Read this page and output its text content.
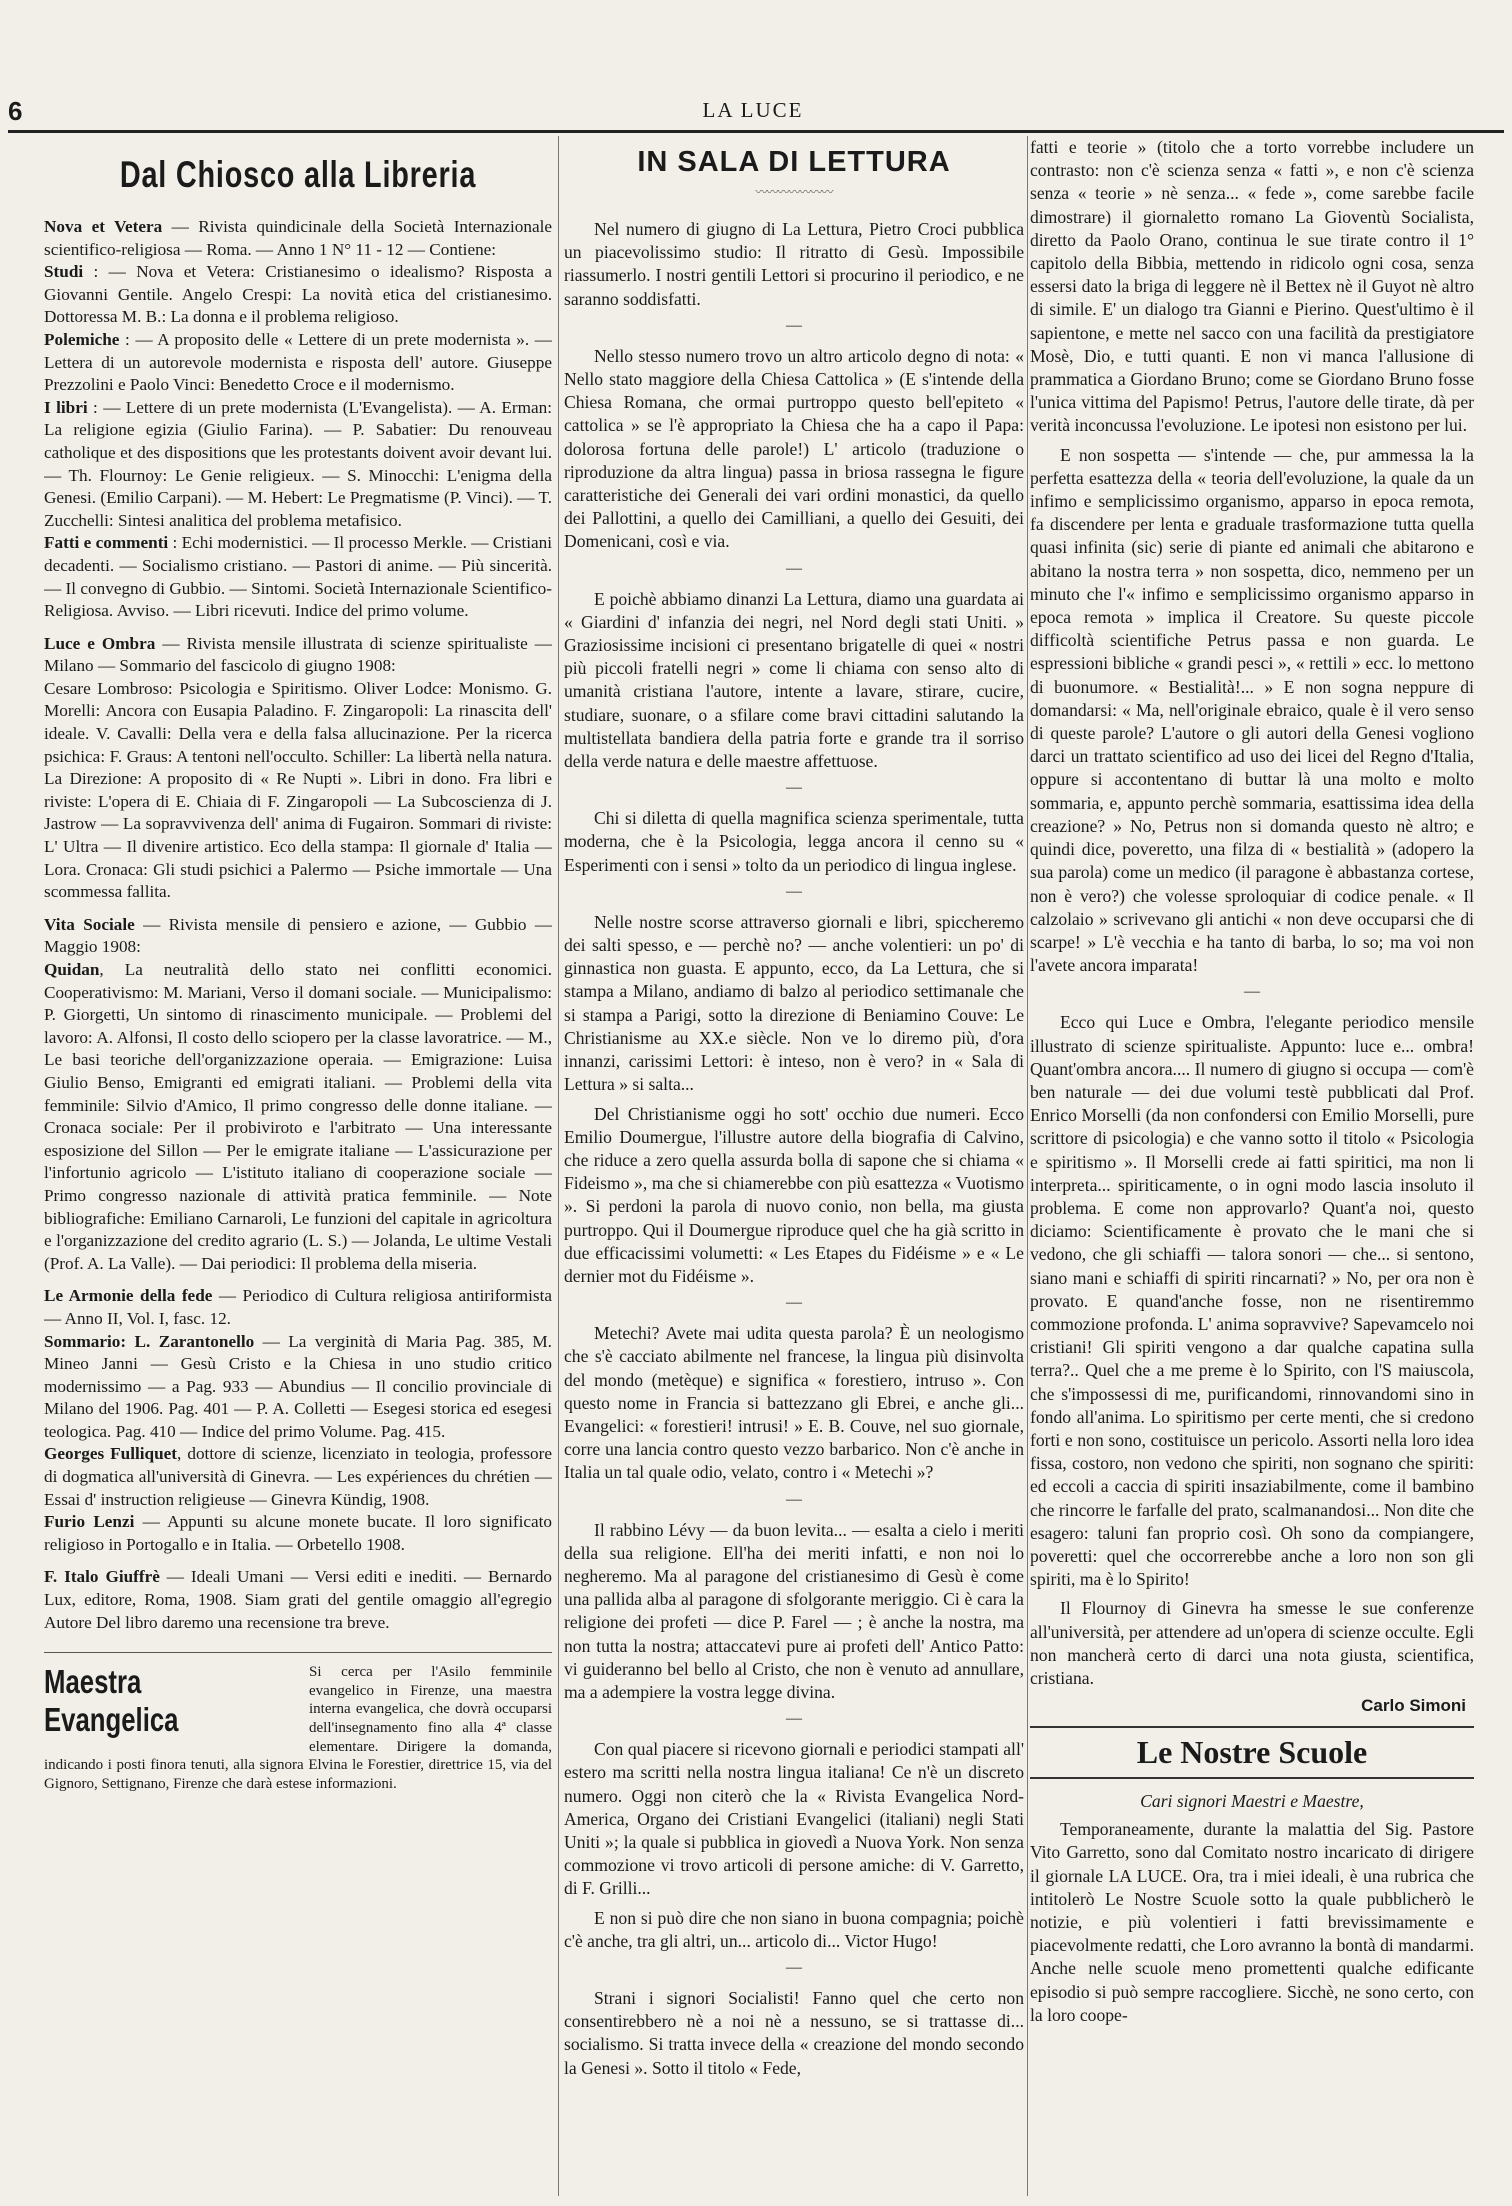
6	LA LUCE
Dal Chiosco alla Libreria

Nova et Vetera — Rivista quindicinale della Società Internazionale scientifico-religiosa — Roma. — Anno 1 N° 11 - 12 — Contiene:

Studi : — Nova et Vetera: Cristianesimo o idealismo? Risposta a Giovanni Gentile. Angelo Crespi: La novità etica del cristianesimo. Dottoressa M. B.: La donna e il problema religioso.

Polemiche : — A proposito delle « Lettere di un prete modernista ». — Lettera di un autorevole modernista e risposta dell' autore. Giuseppe Prezzolini e Paolo Vinci: Benedetto Croce e il modernismo.

I libri : — Lettere di un prete modernista (L'Evangelista). — A. Erman: La religione egizia (Giulio Farina). — P. Sabatier: Du renouveau catholique et des dispositions que les protestants doivent avoir devant lui. — Th. Flournoy: Le Genie religieux. — S. Minocchi: L'enigma della Genesi. (Emilio Carpani). — M. Hebert: Le Pregmatisme (P. Vinci). — T. Zucchelli: Sintesi analitica del problema metafisico.

Fatti e commenti : Echi modernistici. — Il processo Merkle. — Cristiani decadenti. — Socialismo cristiano. — Pastori di anime. — Più sincerità. — Il convegno di Gubbio. — Sintomi. Società Internazionale Scientifico-Religiosa. Avviso. — Libri ricevuti. Indice del primo volume.

Luce e Ombra — Rivista mensile illustrata di scienze spiritualiste — Milano — Sommario del fascicolo di giugno 1908:

Cesare Lombroso: Psicologia e Spiritismo. Oliver Lodce: Monismo. G. Morelli: Ancora con Eusapia Paladino. F. Zingaropoli: La rinascita dell' ideale. V. Cavalli: Della vera e della falsa allucinazione. Per la ricerca psichica: F. Graus: A tentoni nell'occulto. Schiller: La libertà nella natura. La Direzione: A proposito di « Re Nupti ». Libri in dono. Fra libri e riviste: L'opera di E. Chiaia di F. Zingaropoli — La Subcoscienza di J. Jastrow — La sopravvivenza dell' anima di Fugairon. Sommari di riviste: L' Ultra — Il divenire artistico. Eco della stampa: Il giornale d' Italia — Lora. Cronaca: Gli studi psichici a Palermo — Psiche immortale — Una scommessa fallita.

Vita Sociale — Rivista mensile di pensiero e azione, — Gubbio — Maggio 1908:

Quidan, La neutralità dello stato nei conflitti economici. Cooperativismo: M. Mariani, Verso il domani sociale. — Municipalismo: P. Giorgetti, Un sintomo di rinascimento municipale. — Problemi del lavoro: A. Alfonsi, Il costo dello sciopero per la classe lavoratrice. — M., Le basi teoriche dell'organizzazione operaia. — Emigrazione: Luisa Giulio Benso, Emigranti ed emigrati italiani. — Problemi della vita femminile: Silvio d'Amico, Il primo congresso delle donne italiane. — Cronaca sociale: Per il probiviroto e l'arbitrato — Una interessante esposizione del Sillon — Per le emigrate italiane — L'assicurazione per l'infortunio agricolo — L'istituto italiano di cooperazione sociale — Primo congresso nazionale di attività pratica femminile. — Note bibliografiche: Emiliano Carnaroli, Le funzioni del capitale in agricoltura e l'organizzazione del credito agrario (L. S.) — Jolanda, Le ultime Vestali (Prof. A. La Valle). — Dai periodici: Il problema della miseria.

Le Armonie della fede — Periodico di Cultura religiosa antiriformista — Anno II, Vol. I, fasc. 12.

Sommario: L. Zarantonello — La verginità di Maria Pag. 385, M. Mineo Janni — Gesù Cristo e la Chiesa in uno studio critico modernissimo — a Pag. 933 — Abundius — Il concilio provinciale di Milano del 1906. Pag. 401 — P. A. Colletti — Esegesi storica ed esegesi teologica. Pag. 410 — Indice del primo Volume. Pag. 415.

Georges Fulliquet, dottore di scienze, licenziato in teologia, professore di dogmatica all'università di Ginevra. — Les expériences du chrétien — Essai d' instruction religieuse — Ginevra Kündig, 1908.

Furio Lenzi — Appunti su alcune monete bucate. Il loro significato religioso in Portogallo e in Italia. — Orbetello 1908.

F. Italo Giuffrè — Ideali Umani — Versi editi e inediti. — Bernardo Lux, editore, Roma, 1908. Siam grati del gentile omaggio all'egregio Autore Del libro daremo una recensione tra breve.

Maestra Evangelica
Si cerca per l'Asilo femminile evangelico in Firenze, una maestra interna evangelica, che dovrà occuparsi dell'insegnamento fino alla 4ª classe elementare. Dirigere la domanda, indicando i posti finora tenuti, alla signora Elvina le Forestier, direttrice 15, via del Gignoro, Settignano, Firenze che darà estese informazioni.
IN SALA DI LETTURA
〰〰〰〰〰〰〰

Nel numero di giugno di La Lettura, Pietro Croci pubblica un piacevolissimo studio: Il ritratto di Gesù. Impossibile riassumerlo. I nostri gentili Lettori si procurino il periodico, e ne saranno soddisfatti.

—

Nello stesso numero trovo un altro articolo degno di nota: « Nello stato maggiore della Chiesa Cattolica » (E s'intende della Chiesa Romana, che ormai purtroppo questo bell'epiteto « cattolica » se l'è appropriato la Chiesa che ha a capo il Papa: dolorosa fortuna delle parole!) L' articolo (traduzione o riproduzione da altra lingua) passa in briosa rassegna le figure caratteristiche dei Generali dei vari ordini monastici, da quello dei Pallottini, a quello dei Camilliani, a quello dei Gesuiti, dei Domenicani, così e via.

—

E poichè abbiamo dinanzi La Lettura, diamo una guardata ai « Giardini d' infanzia dei negri, nel Nord degli stati Uniti. » Graziosissime incisioni ci presentano brigatelle di quei « nostri più piccoli fratelli negri » come li chiama con senso alto di umanità cristiana l'autore, intente a lavare, stirare, cucire, studiare, suonare, o a sfilare come bravi cittadini salutando la multistellata bandiera della patria forte e grande tra il sorriso della verde natura e delle maestre affettuose.

—

Chi si diletta di quella magnifica scienza sperimentale, tutta moderna, che è la Psicologia, legga ancora il cenno su « Esperimenti con i sensi » tolto da un periodico di lingua inglese.

—

Nelle nostre scorse attraverso giornali e libri, spiccheremo dei salti spesso, e — perchè no? — anche volentieri: un po' di ginnastica non guasta. E appunto, ecco, da La Lettura, che si stampa a Milano, andiamo di balzo al periodico settimanale che si stampa a Parigi, sotto la direzione di Beniamino Couve: Le Christianisme au XX.e siècle. Non ve lo diremo più, d'ora innanzi, carissimi Lettori: è inteso, non è vero? in « Sala di Lettura » si salta...

Del Christianisme oggi ho sott' occhio due numeri. Ecco Emilio Doumergue, l'illustre autore della biografia di Calvino, che riduce a zero quella assurda bolla di sapone che si chiama « Fideismo », ma che si chiamerebbe con più esattezza « Vuotismo ». Si perdoni la parola di nuovo conio, non bella, ma giusta purtroppo. Qui il Doumergue riproduce quel che ha già scritto in due efficacissimi volumetti: « Les Etapes du Fidéisme » e « Le dernier mot du Fidéisme ».

—

Metechi? Avete mai udita questa parola? È un neologismo che s'è cacciato abilmente nel francese, la lingua più disinvolta del mondo (metèque) e significa « forestiero, intruso ». Con questo nome in Francia si battezzano gli Ebrei, e anche gli... Evangelici: « forestieri! intrusi! » E. B. Couve, nel suo giornale, corre una lancia contro questo vezzo barbarico. Non c'è anche in Italia un tal quale odio, velato, contro i « Metechi »?

—

Il rabbino Lévy — da buon levita... — esalta a cielo i meriti della sua religione. Ell'ha dei meriti infatti, e non noi lo negheremo. Ma al paragone del cristianesimo di Gesù è come una pallida alba al paragone di sfolgorante meriggio. Ci è cara la religione dei profeti — dice P. Farel — ; è anche la nostra, ma non tutta la nostra; attaccatevi pure ai profeti dell' Antico Patto: vi guideranno bel bello al Cristo, che non è venuto ad annullare, ma a adempiere la vostra legge divina.

—

Con qual piacere si ricevono giornali e periodici stampati all' estero ma scritti nella nostra lingua italiana! Ce n'è un discreto numero. Oggi non citerò che la « Rivista Evangelica Nord-America, Organo dei Cristiani Evangelici (italiani) negli Stati Uniti »; la quale si pubblica in giovedì a Nuova York. Non senza commozione vi trovo articoli di persone amiche: di V. Garretto, di F. Grilli...

E non si può dire che non siano in buona compagnia; poichè c'è anche, tra gli altri, un... articolo di... Victor Hugo!

—

Strani i signori Socialisti! Fanno quel che certo non consentirebbero nè a noi nè a nessuno, se si trattasse di... socialismo. Si tratta invece della « creazione del mondo secondo la Genesi ». Sotto il titolo « Fede,

fatti e teorie » (titolo che a torto vorrebbe includere un contrasto: non c'è scienza senza « fatti », e non c'è scienza senza « teorie » nè senza... « fede », come sarebbe facile dimostrare) il giornaletto romano La Gioventù Socialista, diretto da Paolo Orano, continua le sue tirate contro il 1° capitolo della Bibbia, mettendo in ridicolo ogni cosa, senza essersi dato la briga di leggere nè il Bettex nè il Guyot nè altro di simile. E' un dialogo tra Gianni e Pierino. Quest'ultimo è il sapientone, e mette nel sacco con una facilità da prestigiatore Mosè, Dio, e tutti quanti. E non vi manca l'allusione di prammatica a Giordano Bruno; come se Giordano Bruno fosse l'unica vittima del Papismo! Petrus, l'autore delle tirate, dà per verità inconcussa l'evoluzione. Le ipotesi non esistono per lui.

E non sospetta — s'intende — che, pur ammessa la la perfetta esattezza della « teoria dell'evoluzione, la quale da un infimo e semplicissimo organismo, apparso in epoca remota, fa discendere per lenta e graduale trasformazione tutta quella quasi infinita (sic) serie di piante ed animali che abitarono e abitano la nostra terra » non sospetta, dico, nemmeno per un minuto che l'« infimo e semplicissimo organismo apparso in epoca remota » implica il Creatore. Su queste piccole difficoltà scientifiche Petrus passa e non guarda. Le espressioni bibliche « grandi pesci », « rettili » ecc. lo mettono di buonumore. « Bestialità!... » E non sogna neppure di domandarsi: « Ma, nell'originale ebraico, quale è il vero senso di queste parole? L'autore o gli autori della Genesi vogliono darci un trattato scientifico ad uso dei licei del Regno d'Italia, oppure si accontentano di buttar là una molto e molto sommaria, e, appunto perchè sommaria, esattissima idea della creazione? » No, Petrus non si domanda questo nè altro; e quindi dice, poveretto, una filza di « bestialità » (adopero la sua parola) come un medico (il paragone è abbastanza cortese, non è vero?) che volesse sproloquiar di codice penale. « Il calzolaio » scrivevano gli antichi « non deve occuparsi che di scarpe! » L'è vecchia e ha tanto di barba, lo so; ma voi non l'avete ancora imparata!

—

Ecco qui Luce e Ombra, l'elegante periodico mensile illustrato di scienze spiritualiste. Appunto: luce e... ombra! Quant'ombra ancora.... Il numero di giugno si occupa — com'è ben naturale — dei due volumi testè pubblicati dal Prof. Enrico Morselli (da non confondersi con Emilio Morselli, pure scrittore di psicologia) e che vanno sotto il titolo « Psicologia e spiritismo ». Il Morselli crede ai fatti spiritici, ma non li interpreta... spiriticamente, o in ogni modo lascia insoluto il problema. E come non approvarlo? Quant'a noi, questo diciamo: Scientificamente è provato che le mani che si vedono, che gli schiaffi — talora sonori — che... si sentono, siano mani e schiaffi di spiriti rincarnati? » No, per ora non è provato. E quand'anche fosse, non ne risentiremmo commozione profonda. L' anima sopravvive? Sapevamcelo noi cristiani! Gli spiriti vengono a dar qualche capatina sulla terra?.. Quel che a me preme è lo Spirito, con l'S maiuscola, che s'impossessi di me, purificandomi, rinnovandomi sino in fondo all'anima. Lo spiritismo per certe menti, che si credono forti e non sono, costituisce un pericolo. Assorti nella loro idea fissa, costoro, non vedono che spiriti, non sognano che spiriti: ed eccoli a caccia di spiriti insaziabilmente, come il bambino che rincorre le farfalle del prato, scalmanandosi... Non dite che esagero: taluni fan proprio così. Oh sono da compiangere, poveretti: quel che occorrerebbe anche a loro non son gli spiriti, ma è lo Spirito!

Il Flournoy di Ginevra ha smesse le sue conferenze all'università, per attendere ad un'opera di scienze occulte. Egli non mancherà certo di darci una nota giusta, scientifica, cristiana.

Carlo Simoni
Le Nostre Scuole

Cari signori Maestri e Maestre,

Temporaneamente, durante la malattia del Sig. Pastore Vito Garretto, sono dal Comitato nostro incaricato di dirigere il giornale LA LUCE. Ora, tra i miei ideali, è una rubrica che intitolerò Le Nostre Scuole sotto la quale pubblicherò le notizie, e più volentieri i fatti brevissimamente e piacevolmente redatti, che Loro avranno la bontà di mandarmi. Anche nelle scuole meno promettenti qualche edificante episodio si può sempre raccogliere. Sicchè, ne sono certo, con la loro coope-
